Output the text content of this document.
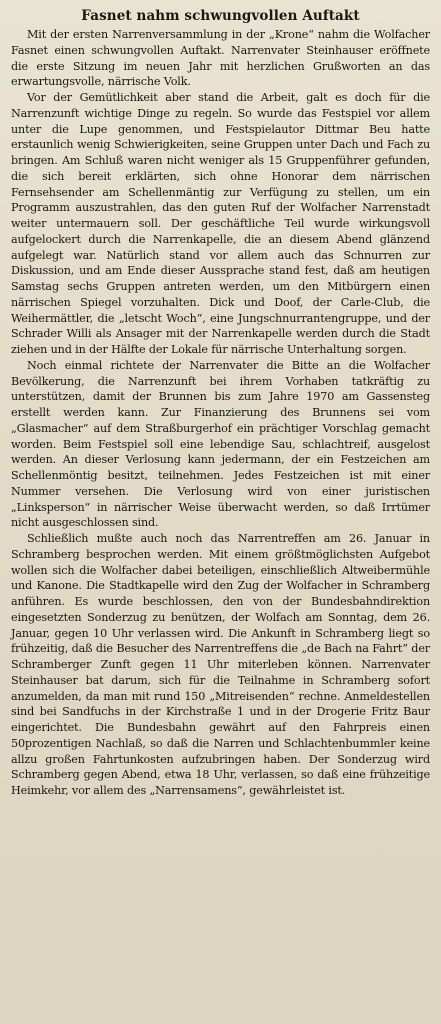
Fasnet nahm schwungvollen Auftakt

Mit der ersten Narrenversammlung in der „Krone“ nahm die Wolfacher Fasnet einen schwungvollen Auftakt. Narrenvater Steinhauser eröffnete die erste Sitzung im neuen Jahr mit herzlichen Grußworten an das erwartungsvolle, närrische Volk.

Vor der Gemütlichkeit aber stand die Arbeit, galt es doch für die Narrenzunft wichtige Dinge zu regeln. So wurde das Festspiel vor allem unter die Lupe genommen, und Festspielautor Dittmar Beu hatte erstaunlich wenig Schwierigkeiten, seine Gruppen unter Dach und Fach zu bringen. Am Schluß waren nicht weniger als 15 Gruppenführer gefunden, die sich bereit erklärten, sich ohne Honorar dem närrischen Fernsehsender am Schellenmäntig zur Verfügung zu stellen, um ein Programm auszustrahlen, das den guten Ruf der Wolfacher Narrenstadt weiter untermauern soll. Der geschäftliche Teil wurde wirkungsvoll aufgelockert durch die Narrenkapelle, die an diesem Abend glänzend aufgelegt war. Natürlich stand vor allem auch das Schnurren zur Diskussion, und am Ende dieser Aussprache stand fest, daß am heutigen Samstag sechs Gruppen antreten werden, um den Mitbürgern einen närrischen Spiegel vorzuhalten. Dick und Doof, der Carle-Club, die Weihermättler, die „letscht Woch“, eine Jungschnurrantengruppe, und der Schrader Willi als Ansager mit der Narrenkapelle werden durch die Stadt ziehen und in der Hälfte der Lokale für närrische Unterhaltung sorgen.

Noch einmal richtete der Narrenvater die Bitte an die Wolfacher Bevölkerung, die Narrenzunft bei ihrem Vorhaben tatkräftig zu unterstützen, damit der Brunnen bis zum Jahre 1970 am Gassensteg erstellt werden kann. Zur Finanzierung des Brunnens sei vom „Glasmacher“ auf dem Straßburgerhof ein prächtiger Vorschlag gemacht worden. Beim Festspiel soll eine lebendige Sau, schlachtreif, ausgelost werden. An dieser Verlosung kann jedermann, der ein Festzeichen am Schellenmöntig besitzt, teilnehmen. Jedes Festzeichen ist mit einer Nummer versehen. Die Verlosung wird von einer juristischen „Linksperson“ in närrischer Weise überwacht werden, so daß Irrtümer nicht ausgeschlossen sind.

Schließlich mußte auch noch das Narrentreffen am 26. Januar in Schramberg besprochen werden. Mit einem größtmöglichsten Aufgebot wollen sich die Wolfacher dabei beteiligen, einschließlich Altweibermühle und Kanone. Die Stadtkapelle wird den Zug der Wolfacher in Schramberg anführen. Es wurde beschlossen, den von der Bundesbahndirektion eingesetzten Sonderzug zu benützen, der Wolfach am Sonntag, dem 26. Januar, gegen 10 Uhr verlassen wird. Die Ankunft in Schramberg liegt so frühzeitig, daß die Besucher des Narrentreffens die „de Bach na Fahrt“ der Schramberger Zunft gegen 11 Uhr miterleben können. Narrenvater Steinhauser bat darum, sich für die Teilnahme in Schramberg sofort anzumelden, da man mit rund 150 „Mitreisenden“ rechne. Anmeldestellen sind bei Sandfuchs in der Kirchstraße 1 und in der Drogerie Fritz Baur eingerichtet. Die Bundesbahn gewährt auf den Fahrpreis einen 50prozentigen Nachlaß, so daß die Narren und Schlachtenbummler keine allzu großen Fahrtunkosten aufzubringen haben. Der Sonderzug wird Schramberg gegen Abend, etwa 18 Uhr, verlassen, so daß eine frühzeitige Heimkehr, vor allem des „Narrensamens“, gewährleistet ist.
